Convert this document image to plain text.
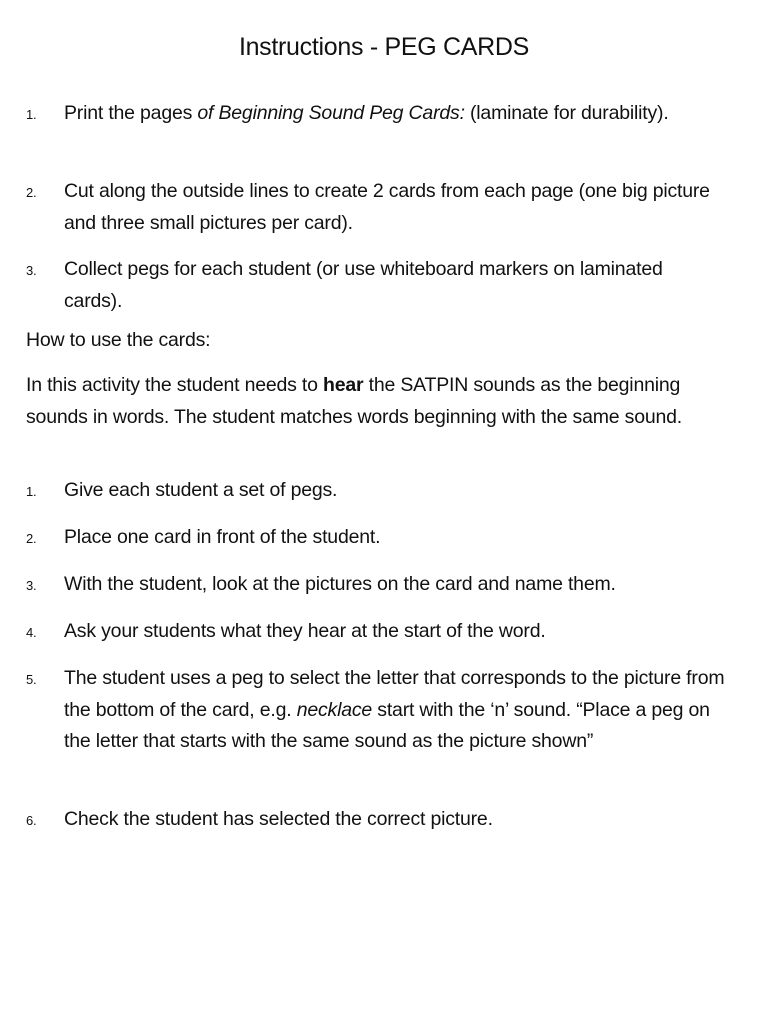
Instructions - PEG CARDS
1. Print the pages of Beginning Sound Peg Cards: (laminate for durability).
2. Cut along the outside lines to create 2 cards from each page (one big picture and three small pictures per card).
3. Collect pegs for each student (or use whiteboard markers on laminated cards).
How to use the cards:
In this activity the student needs to hear the SATPIN sounds as the beginning sounds in words. The student matches words beginning with the same sound.
1. Give each student a set of pegs.
2. Place one card in front of the student.
3. With the student, look at the pictures on the card and name them.
4. Ask your students what they hear at the start of the word.
5. The student uses a peg to select the letter that corresponds to the picture from the bottom of the card, e.g. necklace start with the ‘n’ sound. “Place a peg on the letter that starts with the same sound as the picture shown”
6. Check the student has selected the correct picture.
